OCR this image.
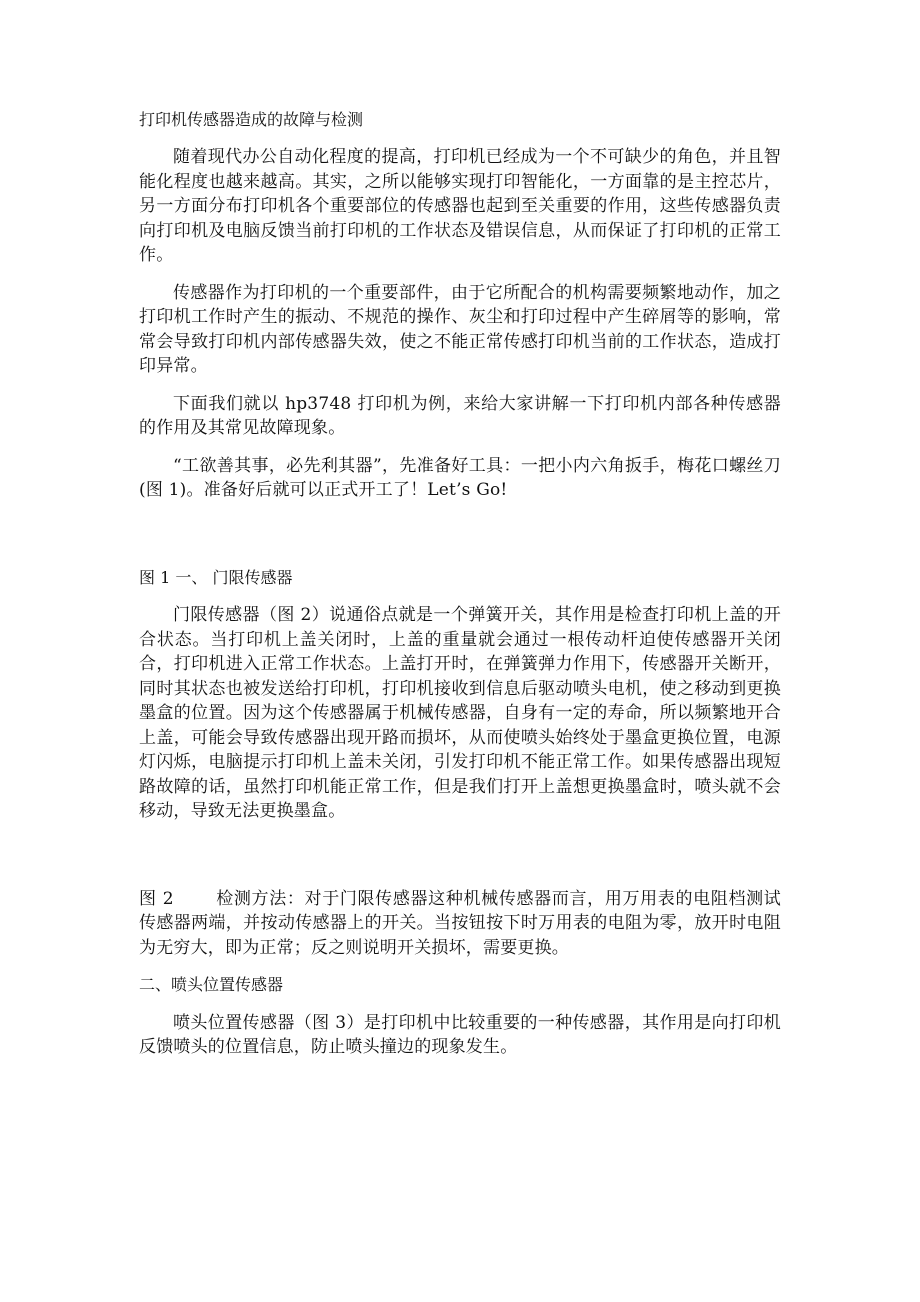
打印机传感器造成的故障与检测

随着现代办公自动化程度的提高，打印机已经成为一个不可缺少的角色，并且智能化程度也越来越高。其实，之所以能够实现打印智能化，一方面靠的是主控芯片，另一方面分布打印机各个重要部位的传感器也起到至关重要的作用，这些传感器负责向打印机及电脑反馈当前打印机的工作状态及错误信息，从而保证了打印机的正常工作。

传感器作为打印机的一个重要部件，由于它所配合的机构需要频繁地动作，加之打印机工作时产生的振动、不规范的操作、灰尘和打印过程中产生碎屑等的影响，常常会导致打印机内部传感器失效，使之不能正常传感打印机当前的工作状态，造成打印异常。

下面我们就以 hp3748 打印机为例，来给大家讲解一下打印机内部各种传感器的作用及其常见故障现象。

“工欲善其事，必先利其器”，先准备好工具：一把小内六角扳手，梅花口螺丝刀(图 1)。准备好后就可以正式开工了！Let’s Go!

图 1 一、 门限传感器

门限传感器（图 2）说通俗点就是一个弹簧开关，其作用是检查打印机上盖的开合状态。当打印机上盖关闭时，上盖的重量就会通过一根传动杆迫使传感器开关闭合，打印机进入正常工作状态。上盖打开时，在弹簧弹力作用下，传感器开关断开，同时其状态也被发送给打印机，打印机接收到信息后驱动喷头电机，使之移动到更换墨盒的位置。因为这个传感器属于机械传感器，自身有一定的寿命，所以频繁地开合上盖，可能会导致传感器出现开路而损坏，从而使喷头始终处于墨盒更换位置，电源灯闪烁，电脑提示打印机上盖未关闭，引发打印机不能正常工作。如果传感器出现短路故障的话，虽然打印机能正常工作，但是我们打开上盖想更换墨盒时，喷头就不会移动，导致无法更换墨盒。

图 2 检测方法：对于门限传感器这种机械传感器而言，用万用表的电阻档测试传感器两端，并按动传感器上的开关。当按钮按下时万用表的电阻为零，放开时电阻为无穷大，即为正常；反之则说明开关损坏，需要更换。

二、喷头位置传感器

喷头位置传感器（图 3）是打印机中比较重要的一种传感器，其作用是向打印机反馈喷头的位置信息，防止喷头撞边的现象发生。
